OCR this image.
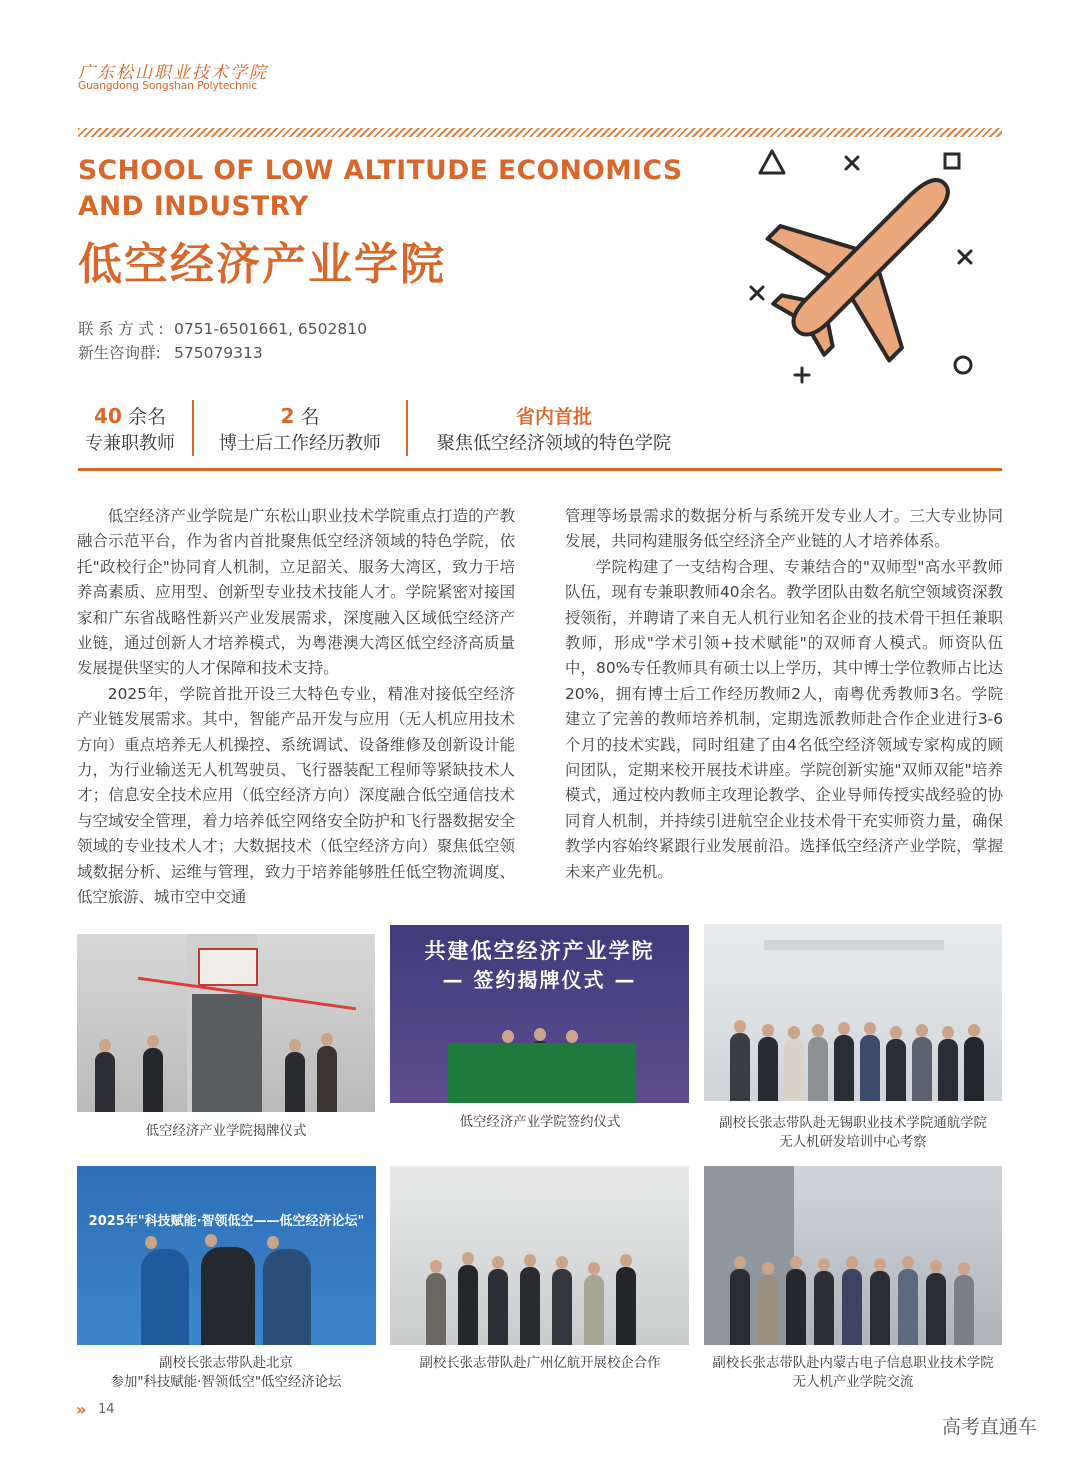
广东松山职业技术学院
Guangdong Songshan Polytechnic
SCHOOL OF LOW ALTITUDE ECONOMICS
AND INDUSTRY
低空经济产业学院
联系方式: 0751-6501661, 6502810
新生咨询群: 575079313
40 余名
专兼职教师
2 名
博士后工作经历教师
省内首批
聚焦低空经济领域的特色学院

低空经济产业学院是广东松山职业技术学院重点打造的产教融合示范平台，作为省内首批聚焦低空经济领域的特色学院，依托"政校行企"协同育人机制，立足韶关、服务大湾区，致力于培养高素质、应用型、创新型专业技术技能人才。学院紧密对接国家和广东省战略性新兴产业发展需求，深度融入区域低空经济产业链，通过创新人才培养模式，为粤港澳大湾区低空经济高质量发展提供坚实的人才保障和技术支持。

2025年，学院首批开设三大特色专业，精准对接低空经济产业链发展需求。其中，智能产品开发与应用（无人机应用技术方向）重点培养无人机操控、系统调试、设备维修及创新设计能力，为行业输送无人机驾驶员、飞行器装配工程师等紧缺技术人才；信息安全技术应用（低空经济方向）深度融合低空通信技术与空域安全管理，着力培养低空网络安全防护和飞行器数据安全领域的专业技术人才；大数据技术（低空经济方向）聚焦低空领域数据分析、运维与管理，致力于培养能够胜任低空物流调度、低空旅游、城市空中交通

管理等场景需求的数据分析与系统开发专业人才。三大专业协同发展，共同构建服务低空经济全产业链的人才培养体系。

学院构建了一支结构合理、专兼结合的"双师型"高水平教师队伍，现有专兼职教师40余名。教学团队由数名航空领域资深教授领衔，并聘请了来自无人机行业知名企业的技术骨干担任兼职教师，形成"学术引领+技术赋能"的双师育人模式。师资队伍中，80%专任教师具有硕士以上学历，其中博士学位教师占比达20%，拥有博士后工作经历教师2人，南粤优秀教师3名。学院建立了完善的教师培养机制，定期选派教师赴合作企业进行3-6个月的技术实践，同时组建了由4名低空经济领域专家构成的顾问团队，定期来校开展技术讲座。学院创新实施"双师双能"培养模式，通过校内教师主攻理论教学、企业导师传授实战经验的协同育人机制，并持续引进航空企业技术骨干充实师资力量，确保教学内容始终紧跟行业发展前沿。选择低空经济产业学院，掌握未来产业先机。

低空经济产业学院揭牌仪式
共建低空经济产业学院
— 签约揭牌仪式 —
低空经济产业学院签约仪式	副校长张志带队赴无锡职业技术学院通航学院
无人机研发培训中心考察
2025年"科技赋能·智领低空——低空经济论坛"
副校长张志带队赴北京
参加"科技赋能·智领低空"低空经济论坛
副校长张志带队赴广州亿航开展校企合作	副校长张志带队赴内蒙古电子信息职业技术学院
无人机产业学院交流
» 14
高考直通车
